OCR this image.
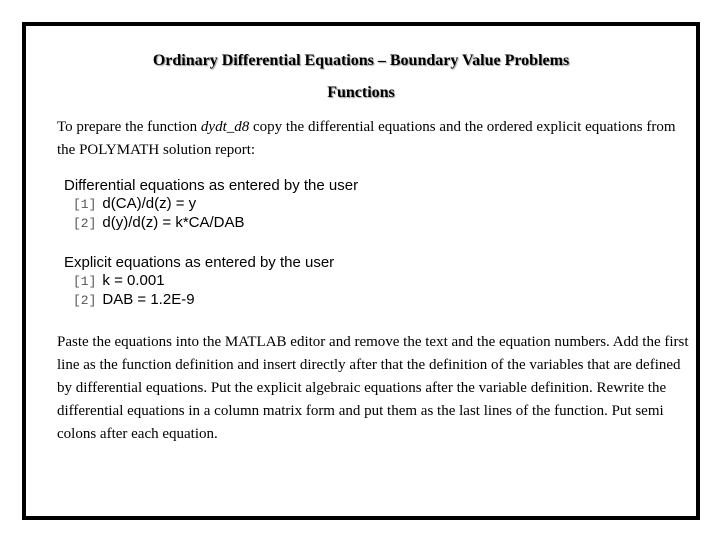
Ordinary Differential Equations – Boundary Value Problems
Functions
To prepare the function dydt_d8 copy the differential equations and the ordered explicit equations from the POLYMATH solution report:
Differential equations as entered by the user
[1] d(CA)/d(z) = y
[2] d(y)/d(z) = k*CA/DAB
Explicit equations as entered by the user
[1] k = 0.001
[2] DAB = 1.2E-9
Paste the equations into the MATLAB editor and remove the text and the equation numbers. Add the first line as the function definition and insert directly after that the definition of the variables that are defined by differential equations. Put the explicit algebraic equations after the variable definition. Rewrite the differential equations in a column matrix form and put them as the last lines of the function. Put semi colons after each equation.
